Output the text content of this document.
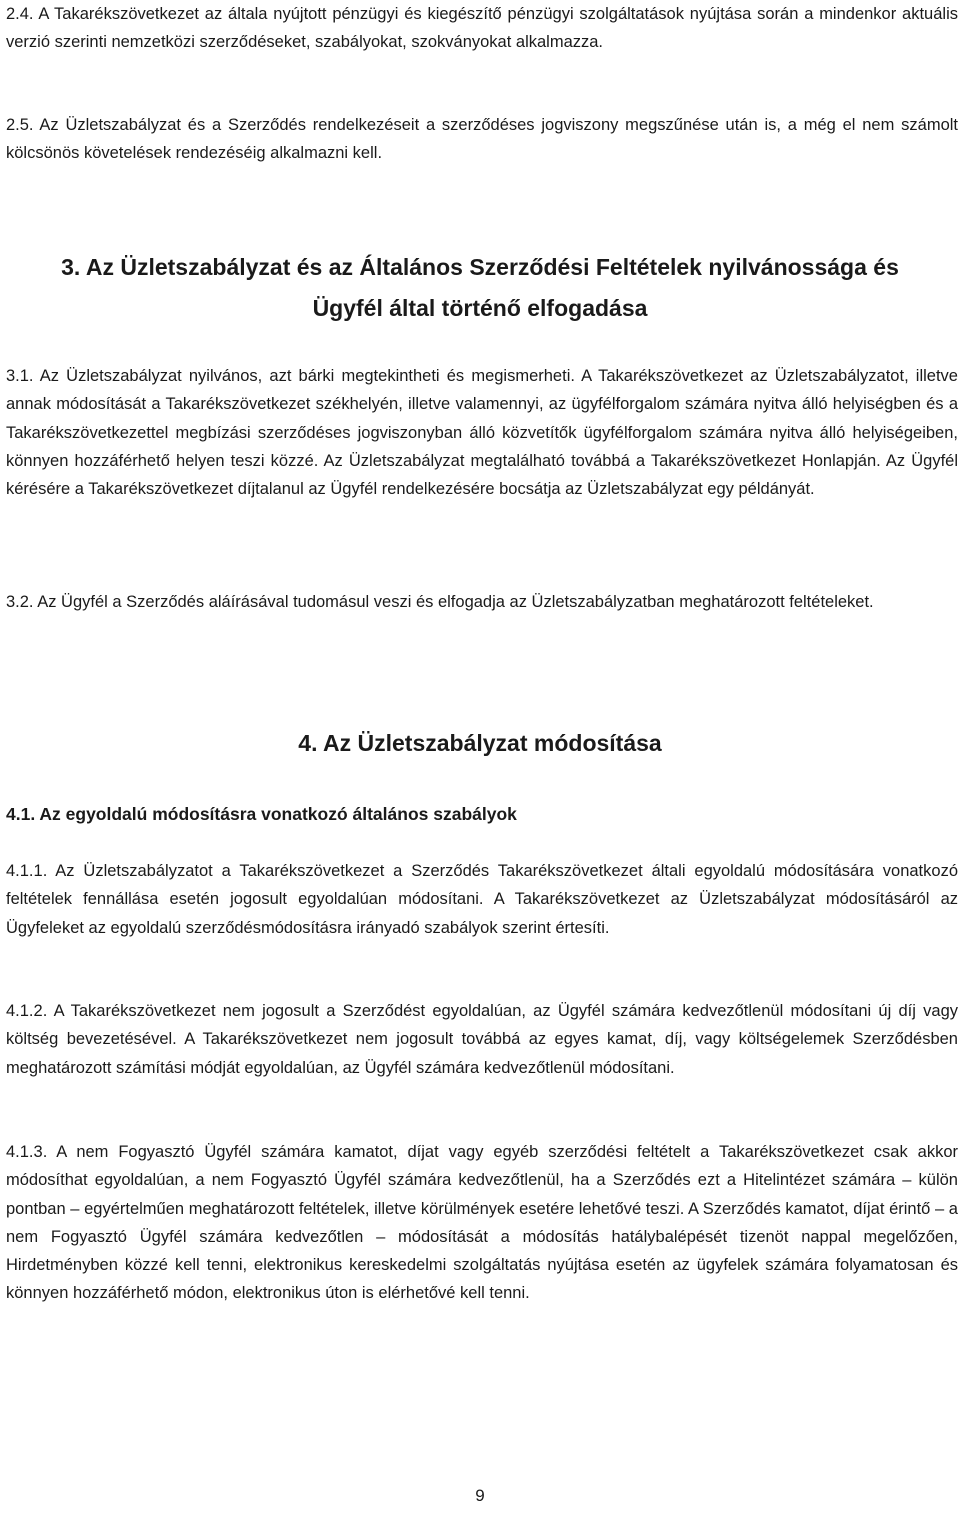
2.4. A Takarékszövetkezet az általa nyújtott pénzügyi és kiegészítő pénzügyi szolgáltatások nyújtása során a mindenkor aktuális verzió szerinti nemzetközi szerződéseket, szabályokat, szokványokat alkalmazza.

2.5. Az Üzletszabályzat és a Szerződés rendelkezéseit a szerződéses jogviszony megszűnése után is, a még el nem számolt kölcsönös követelések rendezéséig alkalmazni kell.

3. Az Üzletszabályzat és az Általános Szerződési Feltételek nyilvánossága és Ügyfél által történő elfogadása

3.1. Az Üzletszabályzat nyilvános, azt bárki megtekintheti és megismerheti. A Takarékszövetkezet az Üzletszabályzatot, illetve annak módosítását a Takarékszövetkezet székhelyén, illetve valamennyi, az ügyfélforgalom számára nyitva álló helyiségben és a Takarékszövetkezettel megbízási szerződéses jogviszonyban álló közvetítők ügyfélforgalom számára nyitva álló helyiségeiben, könnyen hozzáférhető helyen teszi közzé. Az Üzletszabályzat megtalálható továbbá a Takarékszövetkezet Honlapján. Az Ügyfél kérésére a Takarékszövetkezet díjtalanul az Ügyfél rendelkezésére bocsátja az Üzletszabályzat egy példányát.

3.2. Az Ügyfél a Szerződés aláírásával tudomásul veszi és elfogadja az Üzletszabályzatban meghatározott feltételeket.

4. Az Üzletszabályzat módosítása
4.1. Az egyoldalú módosításra vonatkozó általános szabályok

4.1.1. Az Üzletszabályzatot a Takarékszövetkezet a Szerződés Takarékszövetkezet általi egyoldalú módosítására vonatkozó feltételek fennállása esetén jogosult egyoldalúan módosítani. A Takarékszövetkezet az Üzletszabályzat módosításáról az Ügyfeleket az egyoldalú szerződésmódosításra irányadó szabályok szerint értesíti.

4.1.2. A Takarékszövetkezet nem jogosult a Szerződést egyoldalúan, az Ügyfél számára kedvezőtlenül módosítani új díj vagy költség bevezetésével. A Takarékszövetkezet nem jogosult továbbá az egyes kamat, díj, vagy költségelemek Szerződésben meghatározott számítási módját egyoldalúan, az Ügyfél számára kedvezőtlenül módosítani.

4.1.3. A nem Fogyasztó Ügyfél számára kamatot, díjat vagy egyéb szerződési feltételt a Takarékszövetkezet csak akkor módosíthat egyoldalúan, a nem Fogyasztó Ügyfél számára kedvezőtlenül, ha a Szerződés ezt a Hitelintézet számára – külön pontban – egyértelműen meghatározott feltételek, illetve körülmények esetére lehetővé teszi. A Szerződés kamatot, díjat érintő – a nem Fogyasztó Ügyfél számára kedvezőtlen – módosítását a módosítás hatálybalépését tizenöt nappal megelőzően, Hirdetményben közzé kell tenni, elektronikus kereskedelmi szolgáltatás nyújtása esetén az ügyfelek számára folyamatosan és könnyen hozzáférhető módon, elektronikus úton is elérhetővé kell tenni.

9
